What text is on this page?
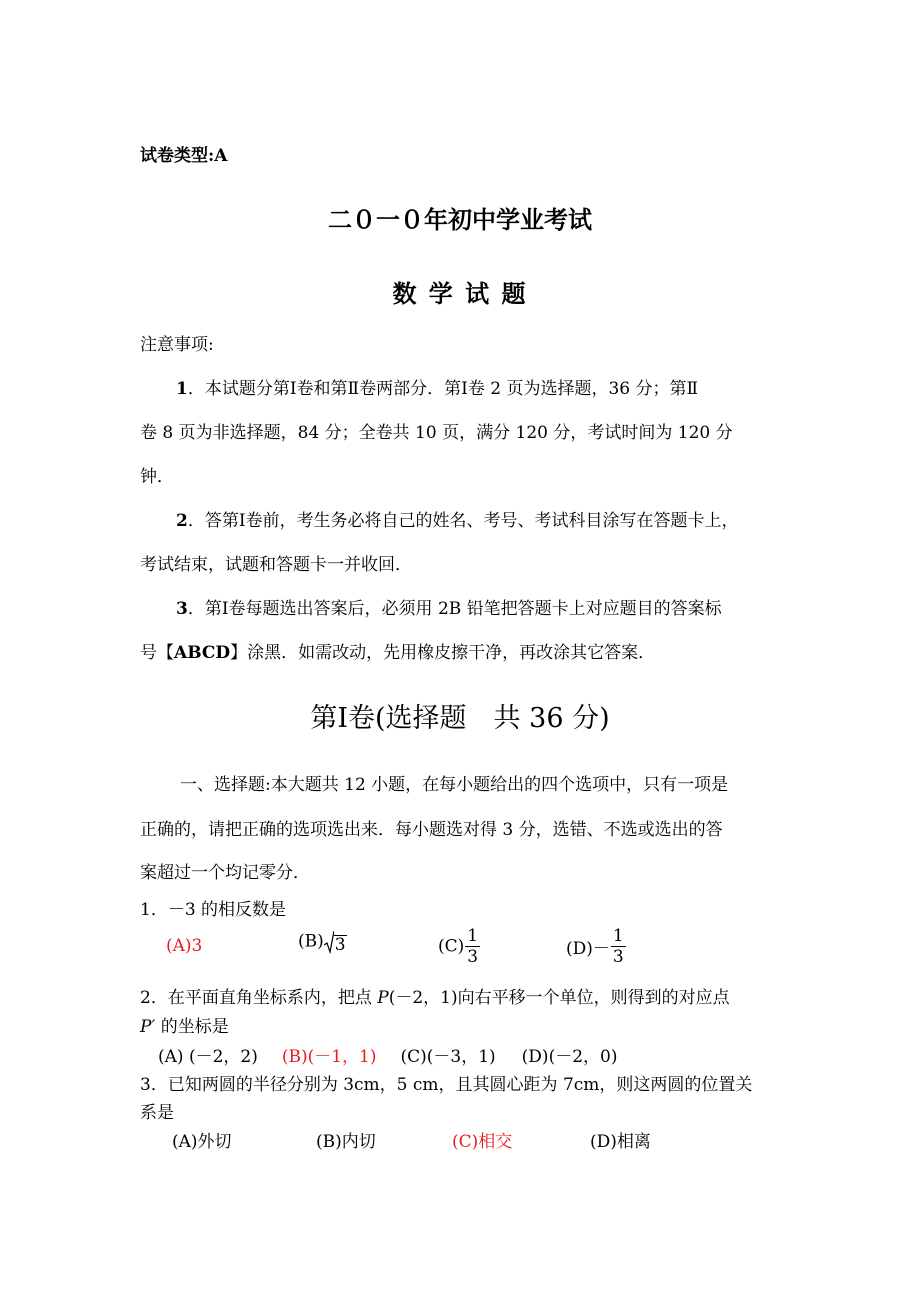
试卷类型:A
二０一０年初中学业考试
数 学 试 题
注意事项:
1．本试题分第Ⅰ卷和第Ⅱ卷两部分．第Ⅰ卷 2 页为选择题，36 分；第Ⅱ
卷 8 页为非选择题，84 分；全卷共 10 页，满分 120 分，考试时间为 120 分
钟．
2．答第Ⅰ卷前，考生务必将自己的姓名、考号、考试科目涂写在答题卡上，
考试结束，试题和答题卡一并收回．
3．第Ⅰ卷每题选出答案后，必须用 2B 铅笔把答题卡上对应题目的答案标
号【ABCD】涂黑．如需改动，先用橡皮擦干净，再改涂其它答案．
第Ⅰ卷(选择题　共 36 分)
一、选择题:本大题共 12 小题，在每小题给出的四个选项中，只有一项是
正确的，请把正确的选项选出来．每小题选对得 3 分，选错、不选或选出的答
案超过一个均记零分．
1．－3 的相反数是
(A)3	(B) 3	$(C) \frac{1}{3}$	$(D)- \frac{1}{3}$
2．在平面直角坐标系内，把点 P(－2，1)向右平移一个单位，则得到的对应点
P′ 的坐标是
(A) (－2，2) (B)(－1，1) (C)(－3，1) (D)(－2，0)
3．已知两圆的半径分别为 3cm，5 cm，且其圆心距为 7cm，则这两圆的位置关
系是
(A)外切	(B)内切	(C)相交	(D)相离
